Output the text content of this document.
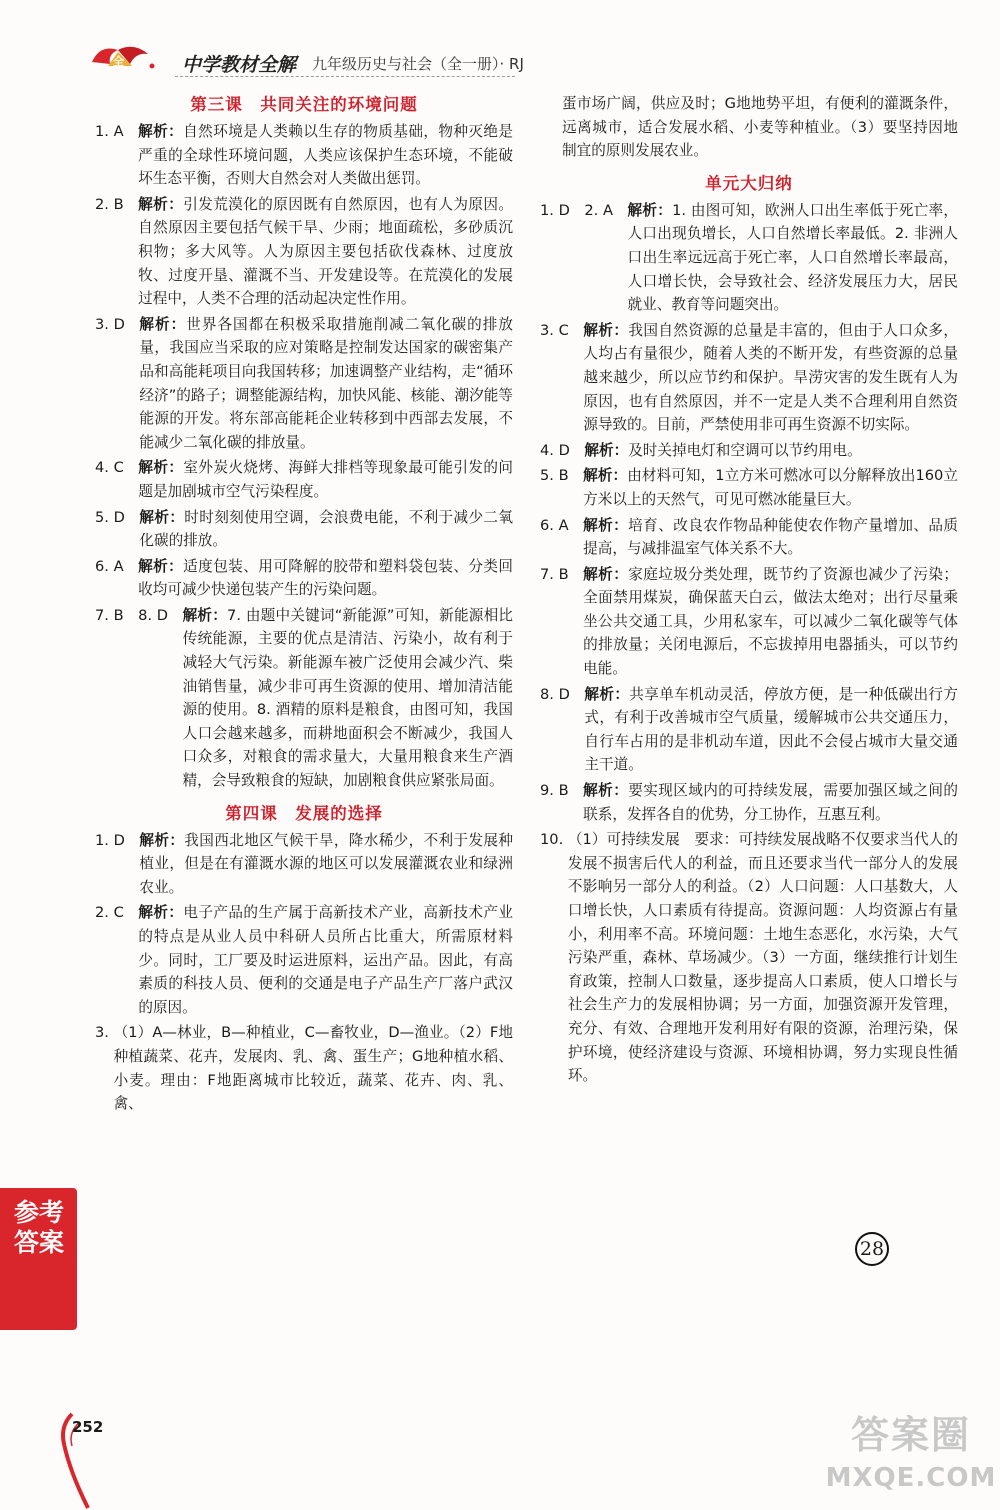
全	中学教材全解 九年级历史与社会（全一册）· RJ
第三课　共同关注的环境问题
1. A　 解析：自然环境是人类赖以生存的物质基础，物种灭绝是严重的全球性环境问题，人类应该保护生态环境，不能破坏生态平衡，否则大自然会对人类做出惩罚。
2. B　 解析：引发荒漠化的原因既有自然原因，也有人为原因。自然原因主要包括气候干旱、少雨；地面疏松，多砂质沉积物；多大风等。人为原因主要包括砍伐森林、过度放牧、过度开垦、灌溉不当、开发建设等。在荒漠化的发展过程中，人类不合理的活动起决定性作用。
3. D　 解析：世界各国都在积极采取措施削减二氧化碳的排放量，我国应当采取的应对策略是控制发达国家的碳密集产品和高能耗项目向我国转移；加速调整产业结构，走“循环经济”的路子；调整能源结构，加快风能、核能、潮汐能等能源的开发。将东部高能耗企业转移到中西部去发展，不能减少二氧化碳的排放量。
4. C　 解析：室外炭火烧烤、海鲜大排档等现象最可能引发的问题是加剧城市空气污染程度。
5. D　 解析：时时刻刻使用空调，会浪费电能，不利于减少二氧化碳的排放。
6. A　 解析：适度包装、用可降解的胶带和塑料袋包装、分类回收均可减少快递包装产生的污染问题。
7. B　8. D　 解析：7. 由题中关键词“新能源”可知，新能源相比传统能源，主要的优点是清洁、污染小，故有利于减轻大气污染。新能源车被广泛使用会减少汽、柴油销售量，减少非可再生资源的使用、增加清洁能源的使用。8. 酒精的原料是粮食，由图可知，我国人口会越来越多，而耕地面积会不断减少，我国人口众多，对粮食的需求量大，大量用粮食来生产酒精，会导致粮食的短缺，加剧粮食供应紧张局面。
第四课　发展的选择
1. D　 解析：我国西北地区气候干旱，降水稀少，不利于发展种植业，但是在有灌溉水源的地区可以发展灌溉农业和绿洲农业。
2. C　 解析：电子产品的生产属于高新技术产业，高新技术产业的特点是从业人员中科研人员所占比重大，所需原材料少。同时，工厂要及时运进原料，运出产品。因此，有高素质的科技人员、便利的交通是电子产品生产厂落户武汉的原因。
3. （1）A—林业，B—种植业，C—畜牧业，D—渔业。（2）F地种植蔬菜、花卉，发展肉、乳、禽、蛋生产；G地种植水稻、小麦。理由：F地距离城市比较近，蔬菜、花卉、肉、乳、禽、
蛋市场广阔，供应及时；G地地势平坦，有便利的灌溉条件，远离城市，适合发展水稻、小麦等种植业。（3）要坚持因地制宜的原则发展农业。
单元大归纳
1. D　2. A　 解析：1. 由图可知，欧洲人口出生率低于死亡率，人口出现负增长，人口自然增长率最低。2. 非洲人口出生率远远高于死亡率，人口自然增长率最高，人口增长快，会导致社会、经济发展压力大，居民就业、教育等问题突出。
3. C　 解析：我国自然资源的总量是丰富的，但由于人口众多，人均占有量很少，随着人类的不断开发，有些资源的总量越来越少，所以应节约和保护。旱涝灾害的发生既有人为原因，也有自然原因，并不一定是人类不合理利用自然资源导致的。目前，严禁使用非可再生资源不切实际。
4. D　 解析：及时关掉电灯和空调可以节约用电。
5. B　 解析：由材料可知，1立方米可燃冰可以分解释放出160立方米以上的天然气，可见可燃冰能量巨大。
6. A　 解析：培育、改良农作物品种能使农作物产量增加、品质提高，与减排温室气体关系不大。
7. B　 解析：家庭垃圾分类处理，既节约了资源也减少了污染；全面禁用煤炭，确保蓝天白云，做法太绝对；出行尽量乘坐公共交通工具，少用私家车，可以减少二氧化碳等气体的排放量；关闭电源后，不忘拔掉用电器插头，可以节约电能。
8. D　 解析：共享单车机动灵活，停放方便，是一种低碳出行方式，有利于改善城市空气质量，缓解城市公共交通压力，自行车占用的是非机动车道，因此不会侵占城市大量交通主干道。
9. B　 解析：要实现区域内的可持续发展，需要加强区域之间的联系，发挥各自的优势，分工协作，互惠互利。
10. （1）可持续发展　要求：可持续发展战略不仅要求当代人的发展不损害后代人的利益，而且还要求当代一部分人的发展不影响另一部分人的利益。（2）人口问题：人口基数大，人口增长快，人口素质有待提高。资源问题：人均资源占有量小，利用率不高。环境问题：土地生态恶化，水污染，大气污染严重，森林、草场减少。（3）一方面，继续推行计划生育政策，控制人口数量，逐步提高人口素质，使人口增长与社会生产力的发展相协调；另一方面，加强资源开发管理，充分、有效、合理地开发利用好有限的资源，治理污染，保护环境，使经济建设与资源、环境相协调，努力实现良性循环。
参考答案	28
252	答案圈
MXQE.COM
